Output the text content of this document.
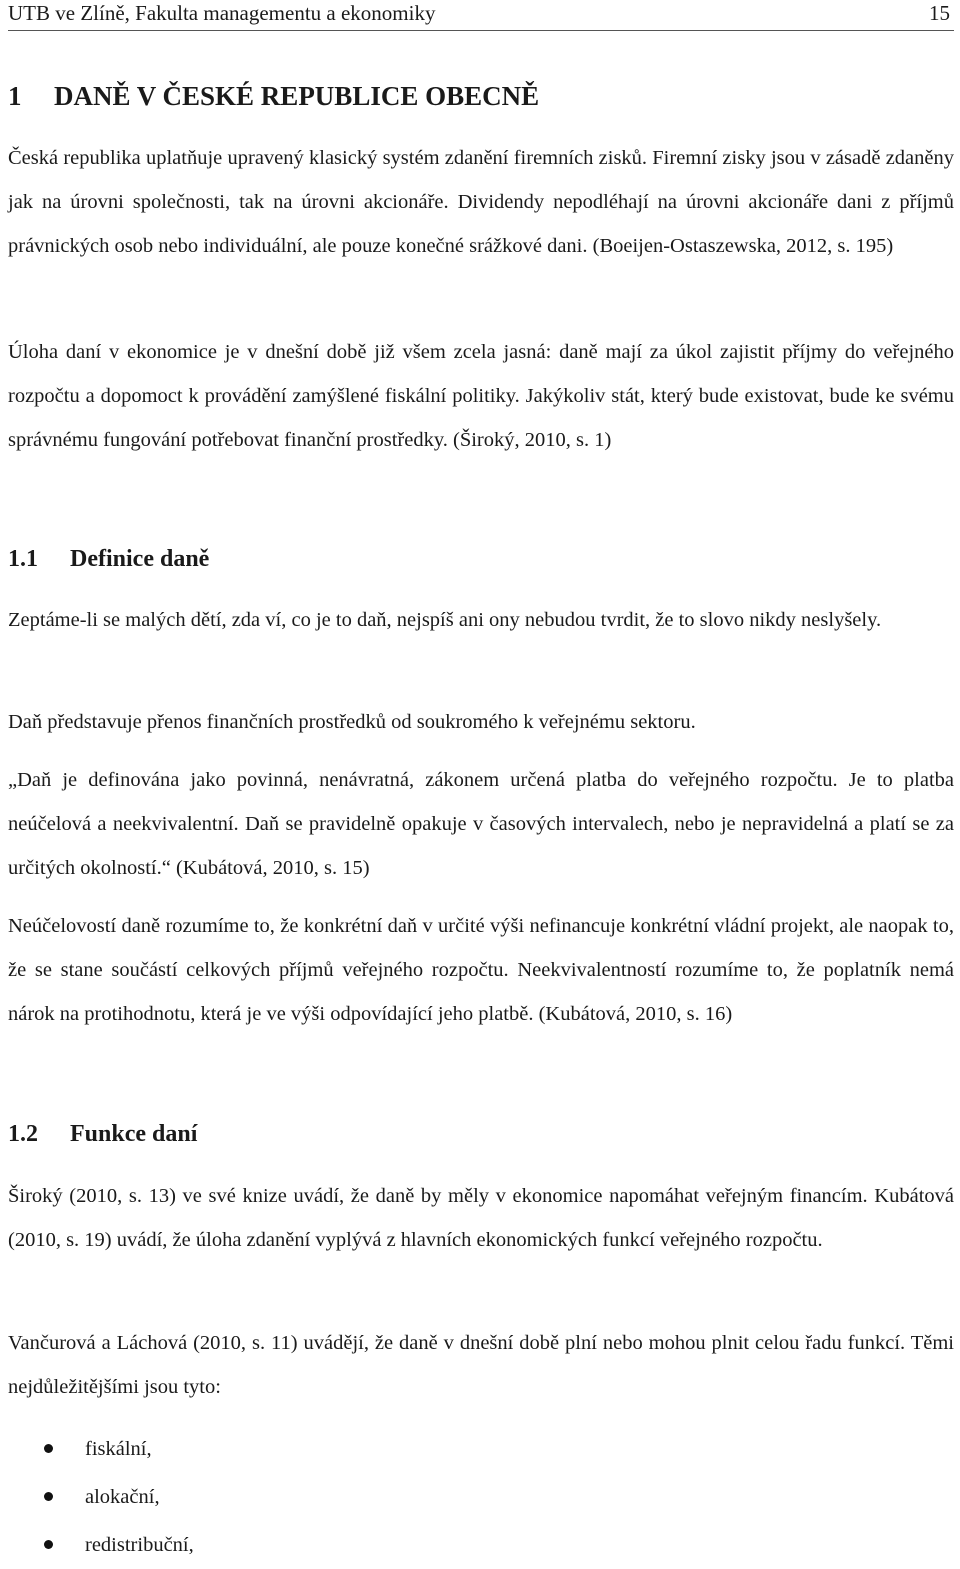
UTB ve Zlíně, Fakulta managementu a ekonomiky	15
1 DANĚ V ČESKÉ REPUBLICE OBECNĚ

Česká republika uplatňuje upravený klasický systém zdanění firemních zisků. Firemní zisky jsou v zásadě zdaněny jak na úrovni společnosti, tak na úrovni akcionáře. Dividendy nepodléhají na úrovni akcionáře dani z příjmů právnických osob nebo individuální, ale pouze konečné srážkové dani. (Boeijen-Ostaszewska, 2012, s. 195)

Úloha daní v ekonomice je v dnešní době již všem zcela jasná: daně mají za úkol zajistit příjmy do veřejného rozpočtu a dopomoct k provádění zamýšlené fiskální politiky. Jakýkoliv stát, který bude existovat, bude ke svému správnému fungování potřebovat finanční prostředky. (Široký, 2010, s. 1)

1.1 Definice daně

Zeptáme-li se malých dětí, zda ví, co je to daň, nejspíš ani ony nebudou tvrdit, že to slovo nikdy neslyšely.

Daň představuje přenos finančních prostředků od soukromého k veřejnému sektoru.

„Daň je definována jako povinná, nenávratná, zákonem určená platba do veřejného rozpočtu. Je to platba neúčelová a neekvivalentní. Daň se pravidelně opakuje v časových intervalech, nebo je nepravidelná a platí se za určitých okolností.“ (Kubátová, 2010, s. 15)

Neúčelovostí daně rozumíme to, že konkrétní daň v určité výši nefinancuje konkrétní vládní projekt, ale naopak to, že se stane součástí celkových příjmů veřejného rozpočtu. Neekvivalentností rozumíme to, že poplatník nemá nárok na protihodnotu, která je ve výši odpovídající jeho platbě. (Kubátová, 2010, s. 16)

1.2 Funkce daní

Široký (2010, s. 13) ve své knize uvádí, že daně by měly v ekonomice napomáhat veřejným financím. Kubátová (2010, s. 19) uvádí, že úloha zdanění vyplývá z hlavních ekonomických funkcí veřejného rozpočtu.

Vančurová a Láchová (2010, s. 11) uvádějí, že daně v dnešní době plní nebo mohou plnit celou řadu funkcí. Těmi nejdůležitějšími jsou tyto:

fiskální,
alokační,
redistribuční,
